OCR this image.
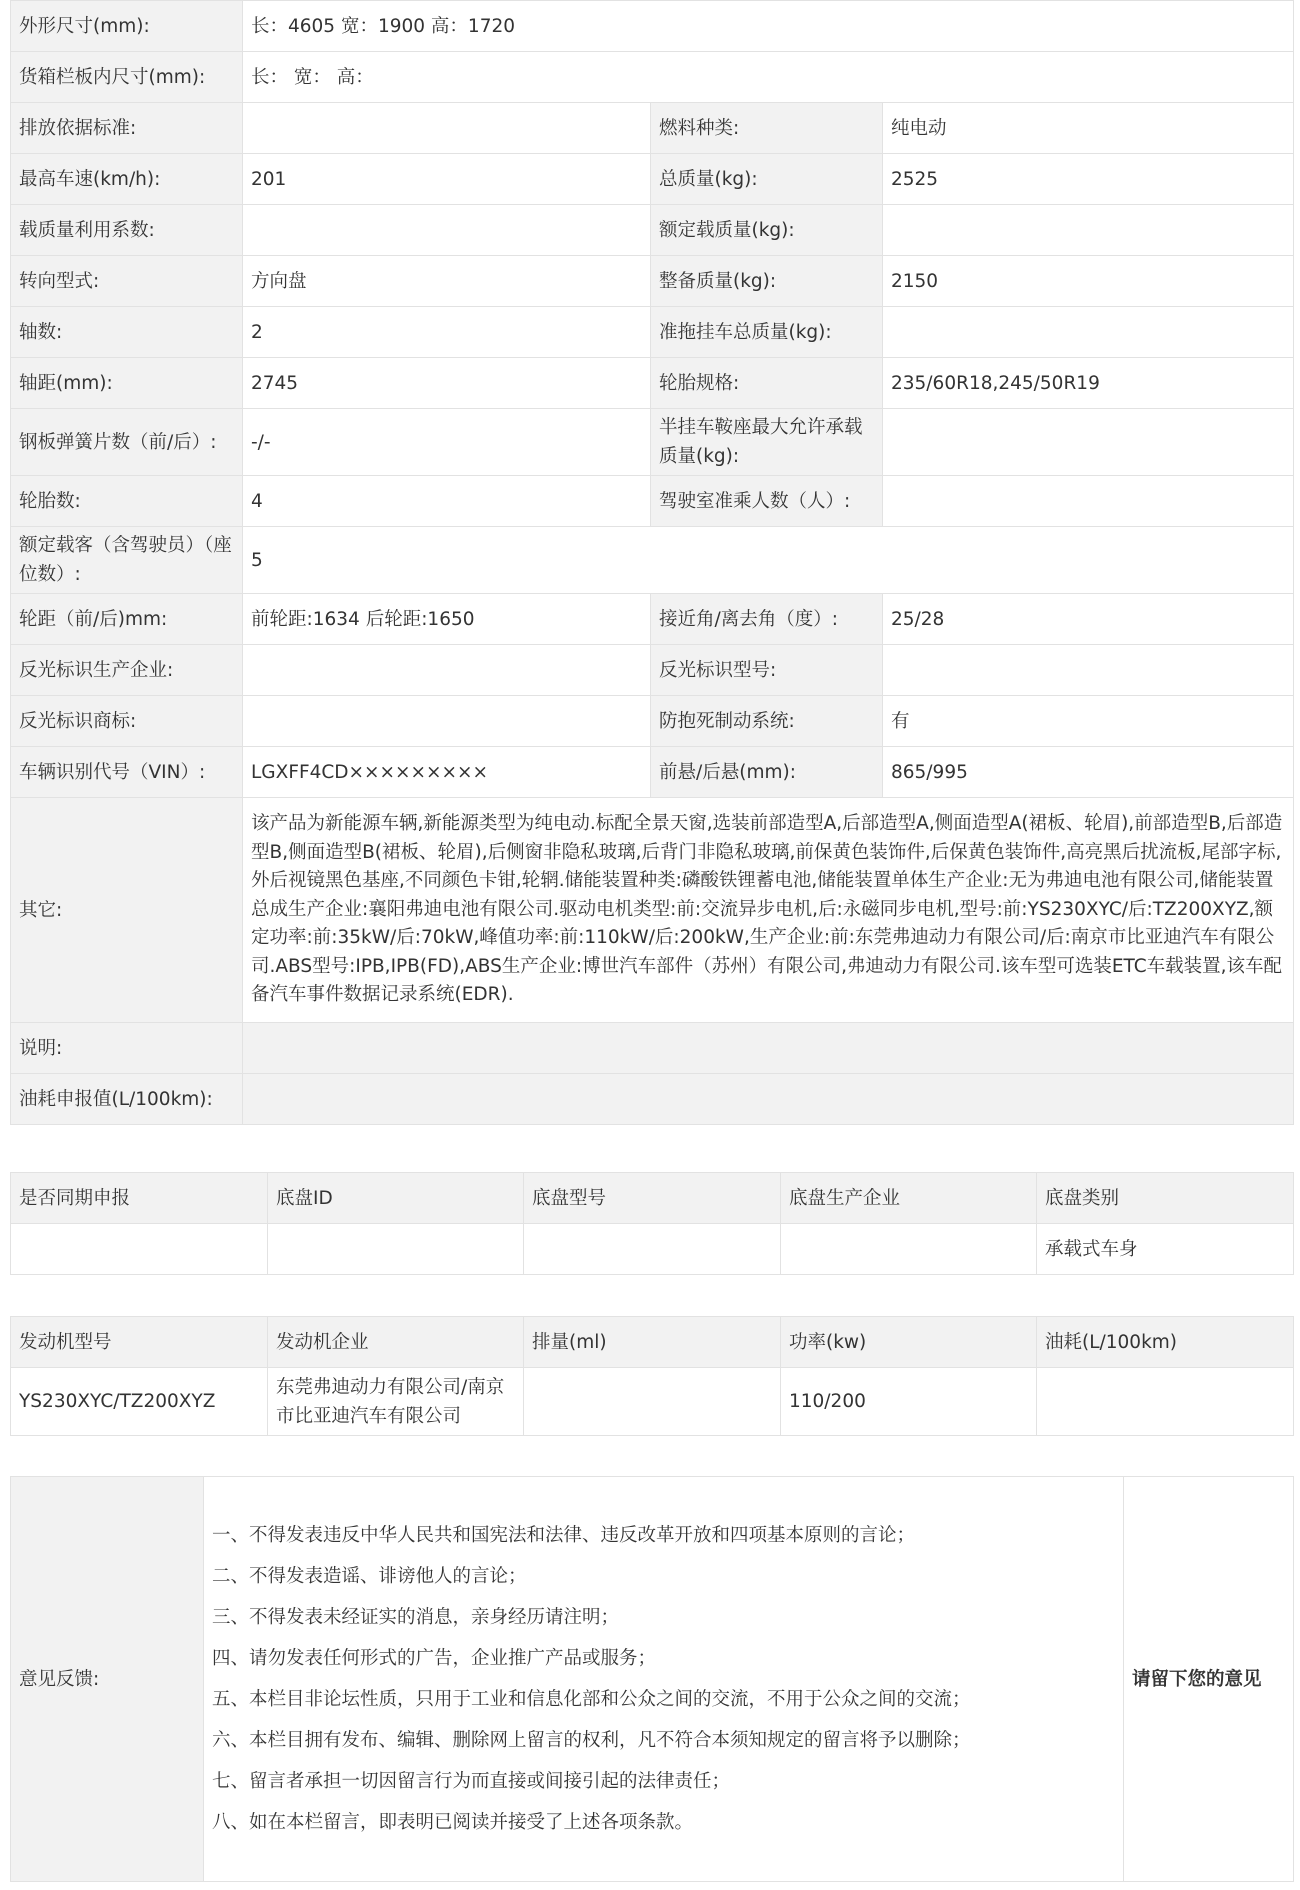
外形尺寸(mm):	长：4605 宽：1900 高：1720		
货箱栏板内尺寸(mm):	长： 宽： 高：		
排放依据标准:		燃料种类:	纯电动
最高车速(km/h):	201	总质量(kg):	2525
载质量利用系数:		额定载质量(kg):	
转向型式:	方向盘	整备质量(kg):	2150
轴数:	2	准拖挂车总质量(kg):	
轴距(mm):	2745	轮胎规格:	235/60R18,245/50R19
钢板弹簧片数（前/后）:	-/-	半挂车鞍座最大允许承载质量(kg):	
轮胎数:	4	驾驶室准乘人数（人）:	
额定载客（含驾驶员）（座位数）:	5		
轮距（前/后)mm:	前轮距:1634 后轮距:1650	接近角/离去角（度）:	25/28
反光标识生产企业:		反光标识型号:	
反光标识商标:		防抱死制动系统:	有
车辆识别代号（VIN）:	LGXFF4CD×××××××××	前悬/后悬(mm):	865/995
其它:	该产品为新能源车辆,新能源类型为纯电动.标配全景天窗,选装前部造型A,后部造型A,侧面造型A(裙板、轮眉),前部造型B,后部造型B,侧面造型B(裙板、轮眉),后侧窗非隐私玻璃,后背门非隐私玻璃,前保黄色装饰件,后保黄色装饰件,高亮黑后扰流板,尾部字标,外后视镜黑色基座,不同颜色卡钳,轮辋.储能装置种类:磷酸铁锂蓄电池,储能装置单体生产企业:无为弗迪电池有限公司,储能装置总成生产企业:襄阳弗迪电池有限公司.驱动电机类型:前:交流异步电机,后:永磁同步电机,型号:前:YS230XYC/后:TZ200XYZ,额定功率:前:35kW/后:70kW,峰值功率:前:110kW/后:200kW,生产企业:前:东莞弗迪动力有限公司/后:南京市比亚迪汽车有限公司.ABS型号:IPB,IPB(FD),ABS生产企业:博世汽车部件（苏州）有限公司,弗迪动力有限公司.该车型可选装ETC车载装置,该车配备汽车事件数据记录系统(EDR).		
说明:			
油耗申报值(L/100km):			
是否同期申报	底盘ID	底盘型号	底盘生产企业	底盘类别
				承载式车身
发动机型号	发动机企业	排量(ml)	功率(kw)	油耗(L/100km)
YS230XYC/TZ200XYZ	东莞弗迪动力有限公司/南京市比亚迪汽车有限公司		110/200	
意见反馈:	
一、不得发表违反中华人民共和国宪法和法律、违反改革开放和四项基本原则的言论；
二、不得发表造谣、诽谤他人的言论；
三、不得发表未经证实的消息，亲身经历请注明；
四、请勿发表任何形式的广告，企业推广产品或服务；
五、本栏目非论坛性质，只用于工业和信息化部和公众之间的交流，不用于公众之间的交流；
六、本栏目拥有发布、编辑、删除网上留言的权利，凡不符合本须知规定的留言将予以删除；
七、留言者承担一切因留言行为而直接或间接引起的法律责任；
八、如在本栏留言，即表明已阅读并接受了上述各项条款。
	请留下您的意见
